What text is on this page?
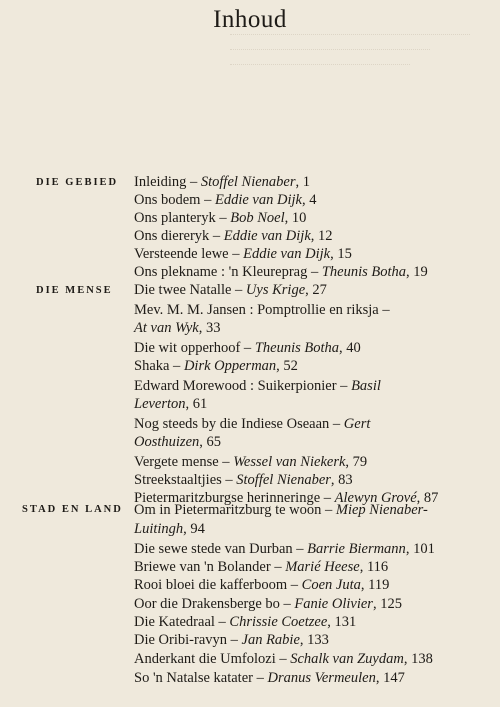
Inhoud
DIE GEBIED
DIE MENSE
STAD EN LAND
Inleiding – Stoffel Nienaber, 1
Ons bodem – Eddie van Dijk, 4
Ons planteryk – Bob Noel, 10
Ons diereryk – Eddie van Dijk, 12
Versteende lewe – Eddie van Dijk, 15
Ons plekname : 'n Kleureprag – Theunis Botha, 19
Die twee Natalle – Uys Krige, 27
Mev. M. M. Jansen : Pomptrollie en riksja –
At van Wyk, 33
Die wit opperhoof – Theunis Botha, 40
Shaka – Dirk Opperman, 52
Edward Morewood : Suikerpionier – Basil
Leverton, 61
Nog steeds by die Indiese Oseaan – Gert
Oosthuizen, 65
Vergete mense – Wessel van Niekerk, 79
Streekstaaltjies – Stoffel Nienaber, 83
Pietermaritzburgse herinneringe – Alewyn Grové, 87
Om in Pietermaritzburg te woon – Miep Nienaber-
Luitingh, 94
Die sewe stede van Durban – Barrie Biermann, 101
Briewe van 'n Bolander – Marié Heese, 116
Rooi bloei die kafferboom – Coen Juta, 119
Oor die Drakensberge bo – Fanie Olivier, 125
Die Katedraal – Chrissie Coetzee, 131
Die Oribi-ravyn – Jan Rabie, 133
Anderkant die Umfolozi – Schalk van Zuydam, 138
So 'n Natalse katater – Dranus Vermeulen, 147
